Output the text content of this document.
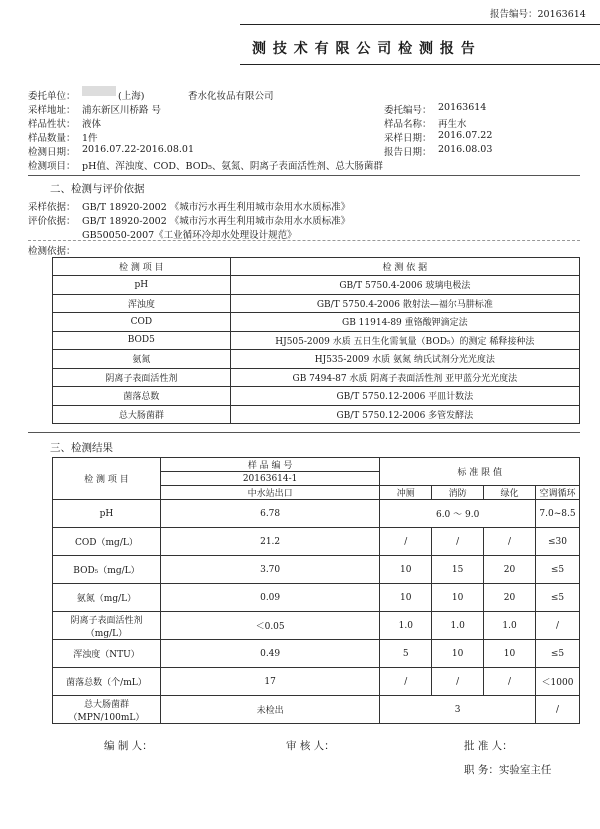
报告编号：20163614
测 技 术 有 限 公 司 检 测 报 告
委托单位：	(上海)	香水化妆品有限公司
采样地址： 浦东新区川桥路 号	委托编号： 20163614
样品性状： 液体	样品名称： 再生水
样品数量： 1件	采样日期： 2016.07.22
检测日期： 2016.07.22-2016.08.01	报告日期： 2016.08.03
检测项目： pH值、浑浊度、COD、BOD₅、氨氮、阴离子表面活性剂、总大肠菌群
二、检测与评价依据
采样依据： GB/T 18920-2002 《城市污水再生利用城市杂用水水质标准》
评价依据： GB/T 18920-2002 《城市污水再生利用城市杂用水水质标准》
GB50050-2007《工业循环冷却水处理设计规范》
检测依据：
检 测 项 目	检 测 依 据
pH	GB/T 5750.4-2006 玻璃电极法
浑浊度	GB/T 5750.4-2006 散射法—福尔马肼标准
COD	GB 11914-89 重铬酸钾滴定法
BOD5	HJ505-2009 水质 五日生化需氧量（BOD₅）的测定 稀释接种法
氨氮	HJ535-2009 水质 氨氮 纳氏试剂分光光度法
阴离子表面活性剂	GB 7494-87 水质 阴离子表面活性剂 亚甲蓝分光光度法
菌落总数	GB/T 5750.12-2006 平皿计数法
总大肠菌群	GB/T 5750.12-2006 多管发酵法
三、检测结果
检 测 项 目	样 品 编 号	标 准 限 值			
	20163614-1				
	中水站出口	冲厕	消防	绿化	空调循环
pH	6.78	6.0 ～ 9.0			7.0~8.5
COD（mg/L）	21.2	/	/	/	≤30
BOD₅（mg/L）	3.70	10	15	20	≤5
氨氮（mg/L）	0.09	10	10	20	≤5

阴离子表面活性剂
（mg/L）	＜0.05	1.0	1.0	1.0	/
浑浊度（NTU）	0.49	5	10	10	≤5
菌落总数（个/mL）	17	/	/	/	＜1000

总大肠菌群
（MPN/100mL）	未检出	3			/
编 制 人：	审 核 人：	批 准 人：
职 务：实验室主任
